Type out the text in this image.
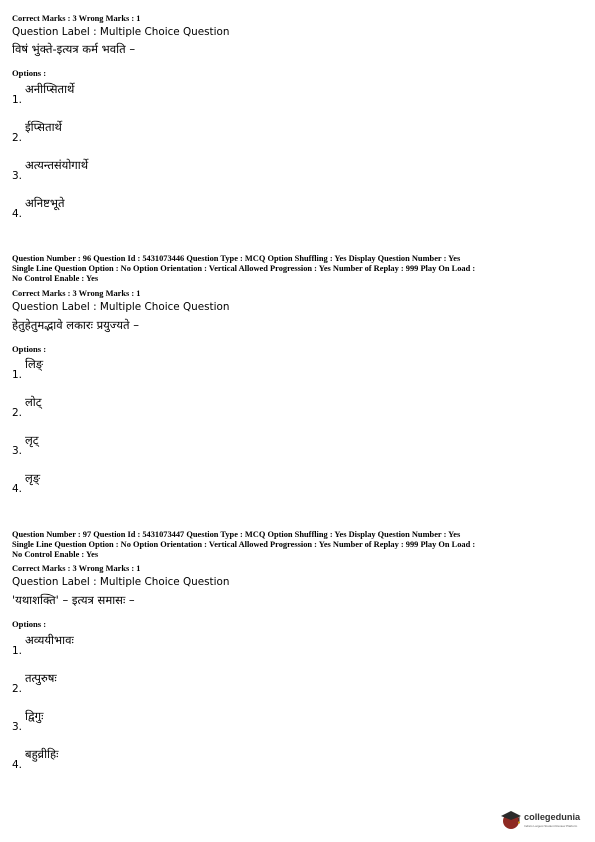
Correct Marks : 3 Wrong Marks : 1
Question Label : Multiple Choice Question
विषं भुंक्ते-इत्यत्र कर्म भवति –
Options :
1.
अनीप्सितार्थे
2.
ईप्सितार्थे
3.
अत्यन्तसंयोगार्थे
4.
अनिष्टभूते
Question Number : 96 Question Id : 5431073446 Question Type : MCQ Option Shuffling : Yes Display Question Number : Yes
Single Line Question Option : No Option Orientation : Vertical Allowed Progression : Yes Number of Replay : 999 Play On Load :
No Control Enable : Yes
Correct Marks : 3 Wrong Marks : 1
Question Label : Multiple Choice Question
हेतुहेतुमद्भावे लकारः प्रयुज्यते –
Options :
1.
लिङ्
2.
लोट्
3.
लृट्
4.
लृङ्
Question Number : 97 Question Id : 5431073447 Question Type : MCQ Option Shuffling : Yes Display Question Number : Yes
Single Line Question Option : No Option Orientation : Vertical Allowed Progression : Yes Number of Replay : 999 Play On Load :
No Control Enable : Yes
Correct Marks : 3 Wrong Marks : 1
Question Label : Multiple Choice Question
'यथाशक्ति' – इत्यत्र समासः –
Options :
1.
अव्ययीभावः
2.
तत्पुरुषः
3.
द्विगुः
4.
बहुव्रीहिः
collegedunia
India's Largest Student Review Platform
